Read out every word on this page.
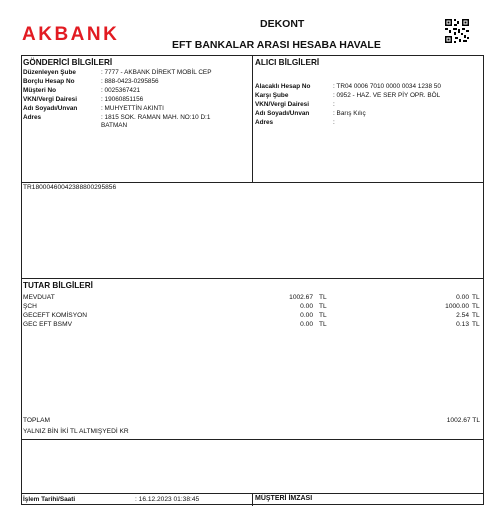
AKBANK	DEKONT
EFT BANKALAR ARASI HESABA HAVALE
GÖNDERİCİ BİLGİLERİ
Düzenleyen Şube	: 7777 - AKBANK DİREKT MOBİL CEP
Borçlu Hesap No	: 888-0423-0295856
Müşteri No	: 0025367421
VKN/Vergi Dairesi	: 19060851156
Adı Soyadı/Unvan	: MUHYETTİN AKINTI
Adres	: 1815 SOK. RAMAN MAH. NO:10 D:1 BATMAN
ALICI BİLGİLERİ
Alacaklı Hesap No	: TR04 0006 7010 0000 0034 1238 50
Karşı Şube	: 0952 - HAZ. VE SER PİY OPR. BÖL
VKN/Vergi Dairesi	:
Adı Soyadı/Unvan	: Barış Kılıç
Adres	:
TR18000460042388800295856
TUTAR BİLGİLERİ
MEVDUAT	1002.67 TL	0.00 TL
ŞCH	0.00 TL	1000.00 TL
GECEFT KOMİSYON	0.00 TL	2.54 TL
GEC EFT BSMV	0.00 TL	0.13 TL
TOPLAM	1002.67 TL
YALNIZ BİN İKİ TL ALTMIŞYEDİ KR
İşlem Tarihi/Saati	: 16.12.2023 01:38:45	MÜŞTERİ İMZASI
